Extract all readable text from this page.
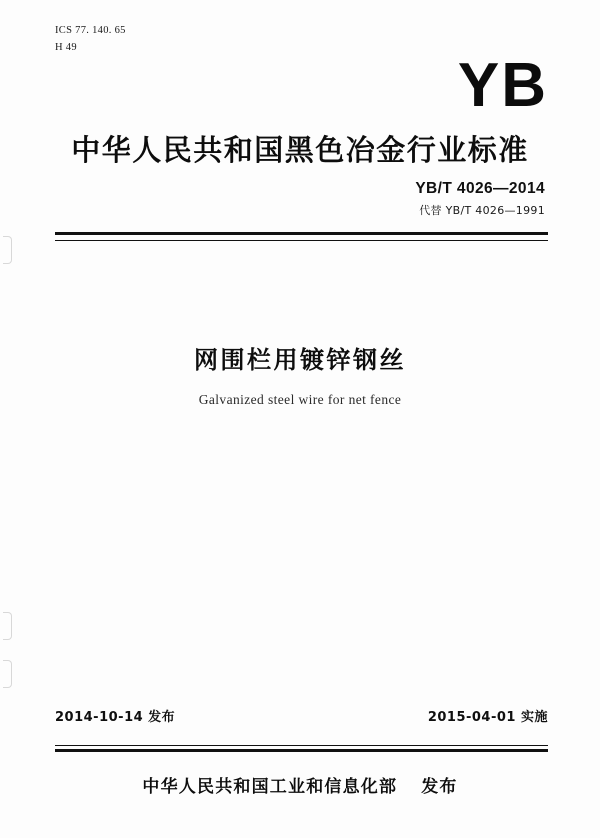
ICS 77. 140. 65
H 49
YB
中华人民共和国黑色冶金行业标准
YB/T 4026—2014
代替 YB/T 4026—1991
网围栏用镀锌钢丝
Galvanized steel wire for net fence
2014-10-14 发布	2015-04-01 实施
中华人民共和国工业和信息化部 发布
